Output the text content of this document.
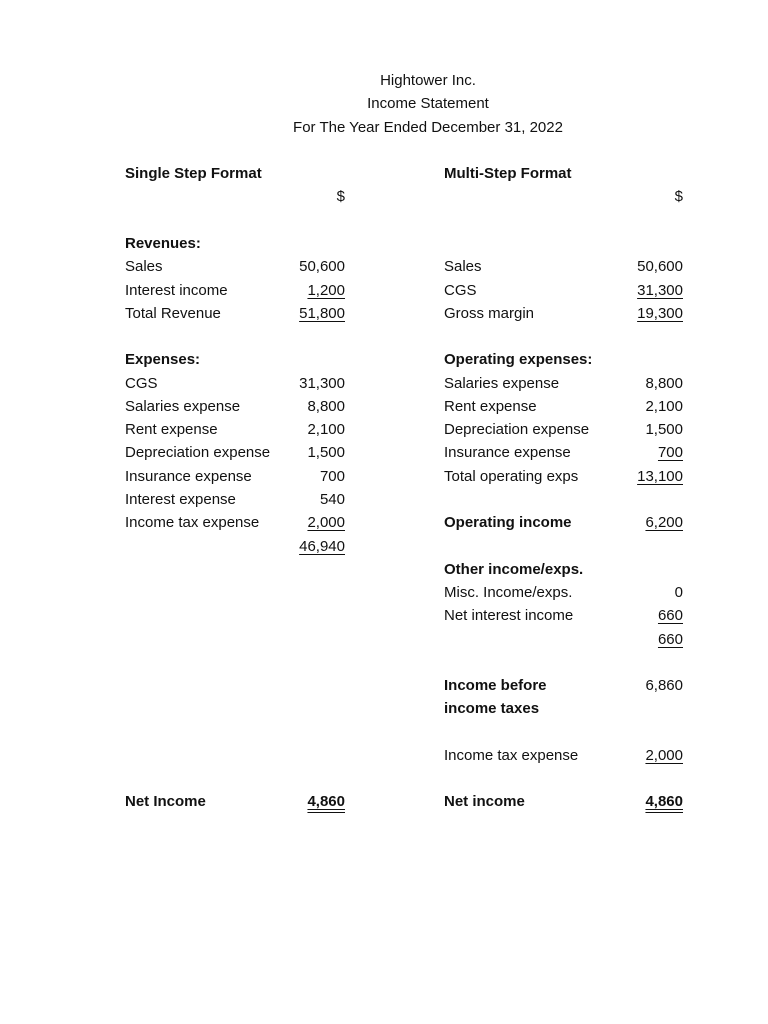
Hightower Inc.

Income Statement

For The Year Ended December 31, 2022

Single Step Format

$

Revenues:

Sales	50,600

Interest income	1,200

Total Revenue	51,800

Expenses:

CGS	31,300

Salaries expense	8,800

Rent expense	2,100

Depreciation expense	1,500

Insurance expense	700

Interest expense	540

Income tax expense	2,000

46,940

Net Income	4,860

Multi-Step Format

$

Sales	50,600

CGS	31,300

Gross margin	19,300

Operating expenses:

Salaries expense	8,800

Rent expense	2,100

Depreciation expense	1,500

Insurance expense	700

Total operating exps	13,100

Operating income	6,200

Other income/exps.

Misc. Income/exps.	0

Net interest income	660

660

Income before

income taxes

6,860

Income tax expense	2,000

Net income	4,860
